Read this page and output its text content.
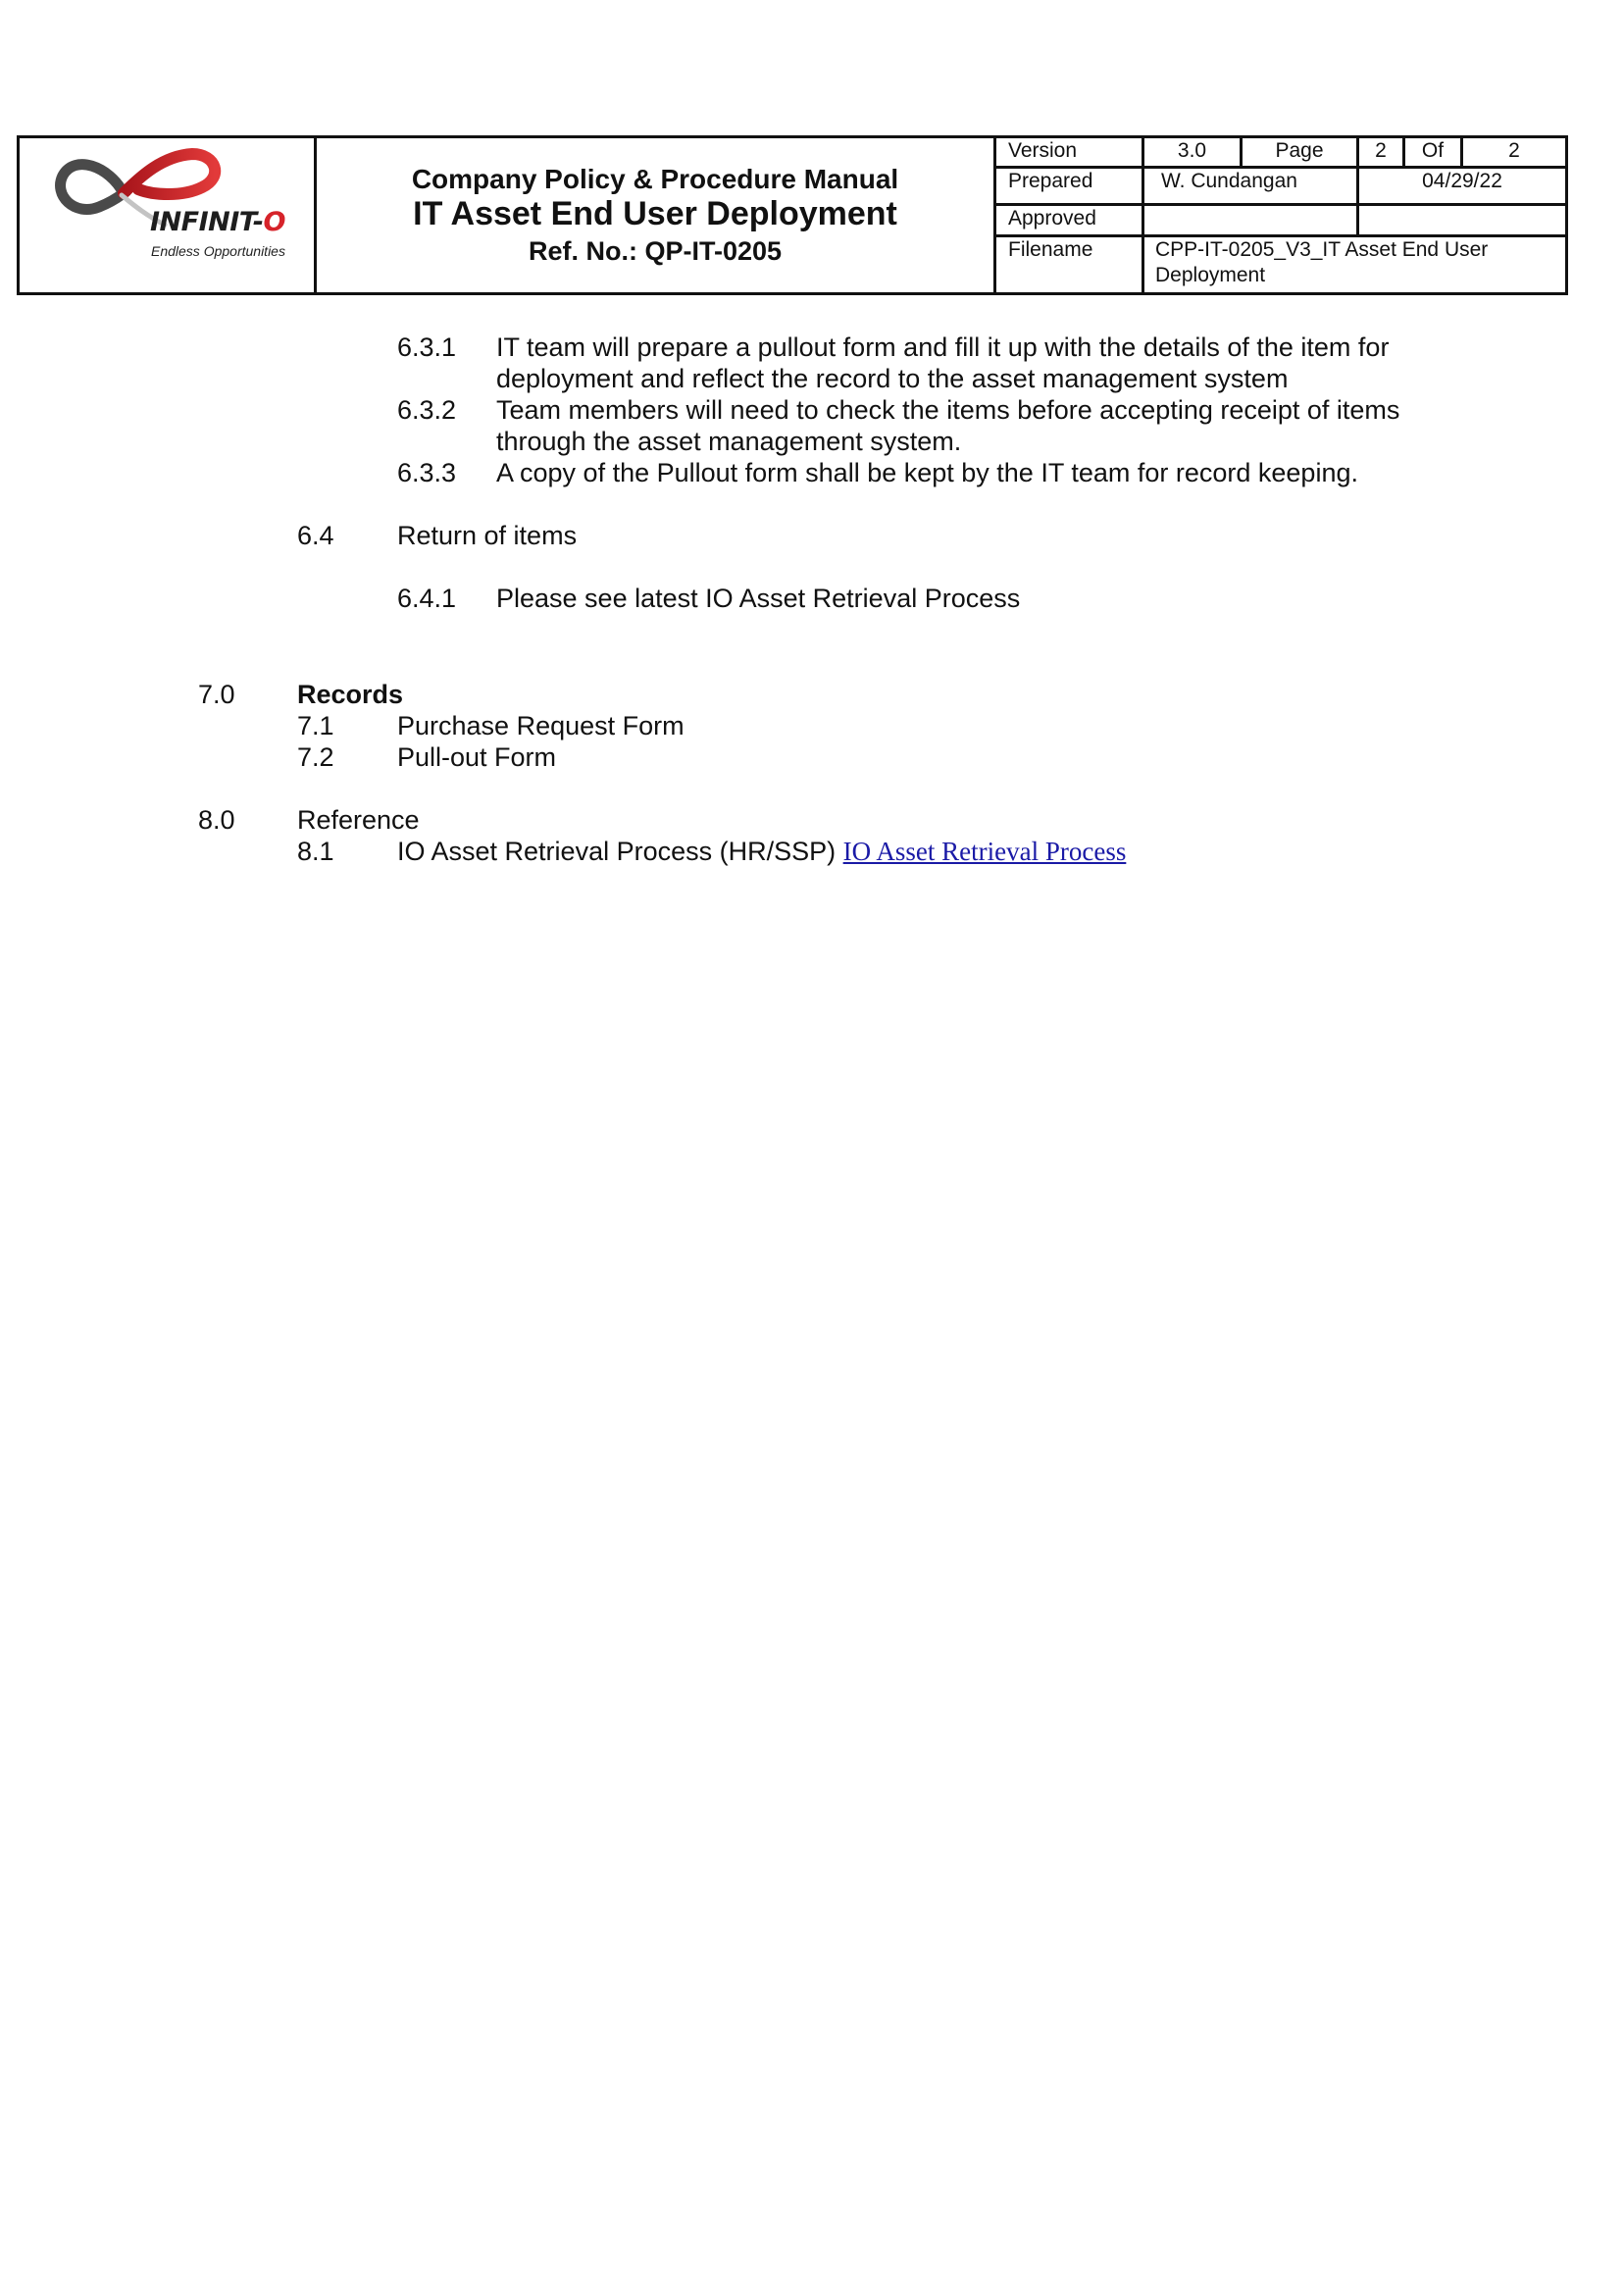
INFINIT-O
Endless Opportunities
Company Policy & Procedure Manual
IT Asset End User Deployment
Ref. No.: QP-IT-0205
Version	3.0	Page	2	Of	2
Prepared	W. Cundangan	04/29/22
Approved
Filename	CPP-IT-0205_V3_IT Asset End User
Deployment
6.3.1 IT team will prepare a pullout form and fill it up with the details of the item for
deployment and reflect the record to the asset management system
6.3.2 Team members will need to check the items before accepting receipt of items
through the asset management system.
6.3.3 A copy of the Pullout form shall be kept by the IT team for record keeping.
6.4 Return of items
6.4.1 Please see latest IO Asset Retrieval Process
7.0 Records
7.1 Purchase Request Form
7.2 Pull-out Form
8.0 Reference
8.1 IO Asset Retrieval Process (HR/SSP) IO Asset Retrieval Process
